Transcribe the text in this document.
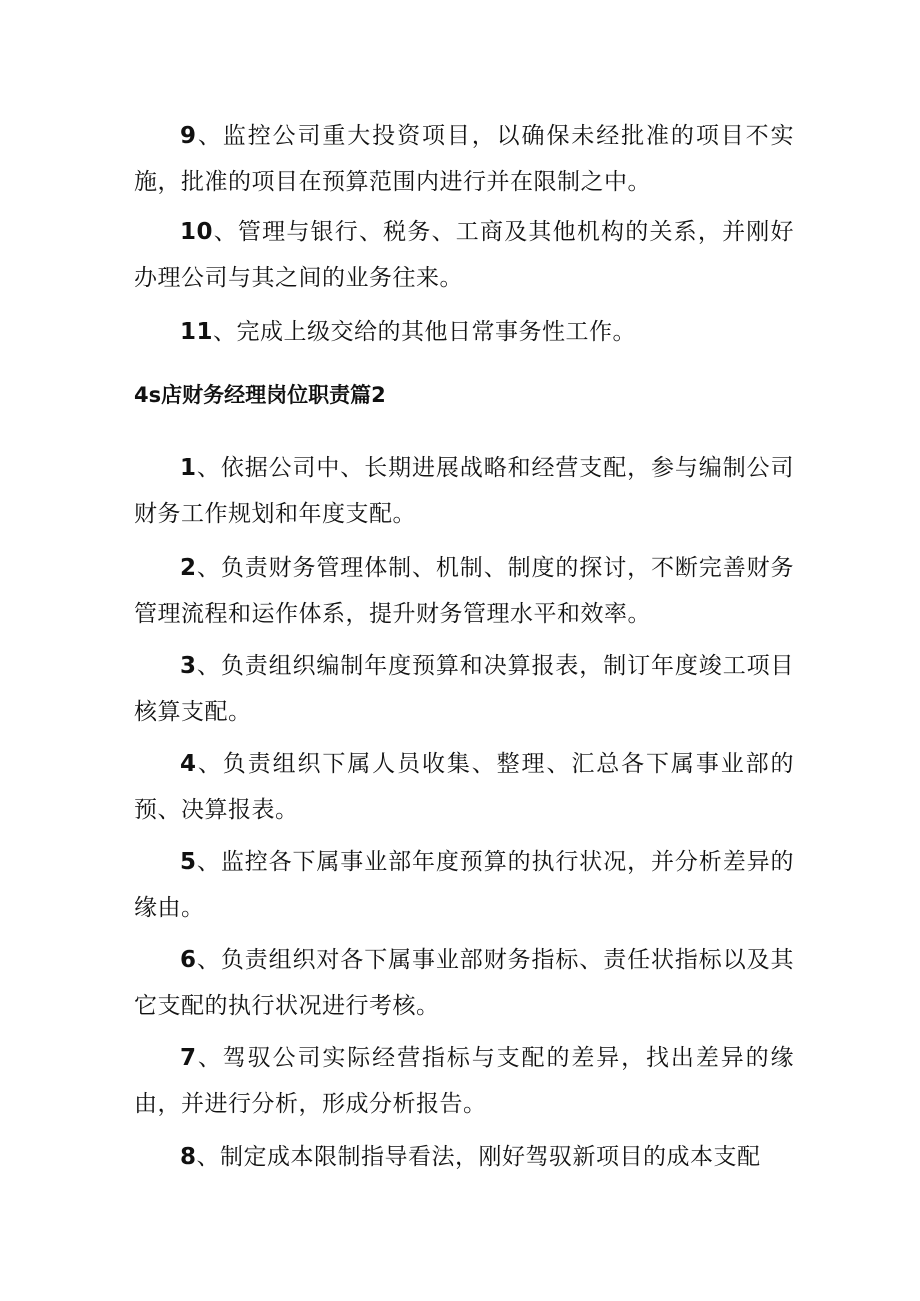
9、监控公司重大投资项目，以确保未经批准的项目不实施，批准的项目在预算范围内进行并在限制之中。

10、管理与银行、税务、工商及其他机构的关系，并刚好办理公司与其之间的业务往来。

11、完成上级交给的其他日常事务性工作。

4s店财务经理岗位职责篇2

1、依据公司中、长期进展战略和经营支配，参与编制公司财务工作规划和年度支配。

2、负责财务管理体制、机制、制度的探讨，不断完善财务管理流程和运作体系，提升财务管理水平和效率。

3、负责组织编制年度预算和决算报表，制订年度竣工项目核算支配。

4、负责组织下属人员收集、整理、汇总各下属事业部的预、决算报表。

5、监控各下属事业部年度预算的执行状况，并分析差异的缘由。

6、负责组织对各下属事业部财务指标、责任状指标以及其它支配的执行状况进行考核。

7、驾驭公司实际经营指标与支配的差异，找出差异的缘由，并进行分析，形成分析报告。

8、制定成本限制指导看法，刚好驾驭新项目的成本支配
